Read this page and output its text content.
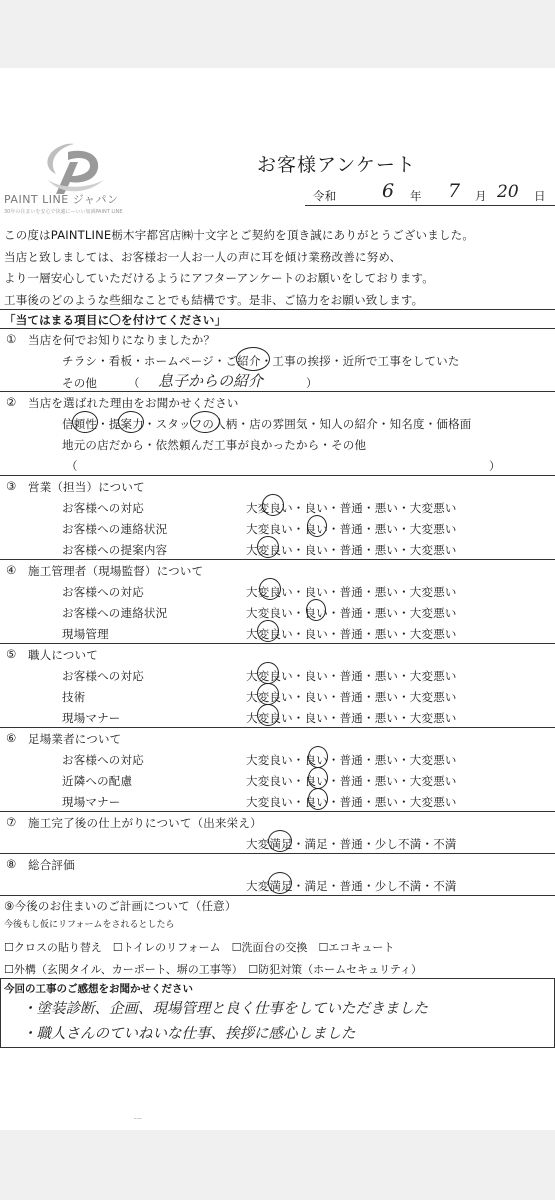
PAINT LINE ジャパン
30年の住まいを安心で快適にーいい加減PAINT LINE
お客様アンケート
令和 6 年 7 月 20 日
この度はPAINTLINE栃木宇都宮店㈱十文字とご契約を頂き誠にありがとうございました。
当店と致しましては、お客様お一人お一人の声に耳を傾け業務改善に努め、
より一層安心していただけるようにアフターアンケートのお願いをしております。
工事後のどのような些細なことでも結構です。是非、ご協力をお願い致します。
「当てはまる項目に〇を付けてください」
① 当店を何でお知りになりましたか？
チラシ・看板・ホームページ・ご紹介・工事の挨拶・近所で工事をしていた
その他	（ 息子からの紹介	）
② 当店を選ばれた理由をお聞かせください
信頼性・提案力・スタッフの人柄・店の雰囲気・知人の紹介・知名度・価格面
地元の店だから・依然頼んだ工事が良かったから・その他
（	）
③ 営業（担当）について
お客様への対応	大変良い・良い・普通・悪い・大変悪い
お客様への連絡状況	大変良い・良い・普通・悪い・大変悪い
お客様への提案内容	大変良い・良い・普通・悪い・大変悪い
④ 施工管理者（現場監督）について
お客様への対応	大変良い・良い・普通・悪い・大変悪い
お客様への連絡状況	大変良い・良い・普通・悪い・大変悪い
現場管理	大変良い・良い・普通・悪い・大変悪い
⑤ 職人について
お客様への対応	大変良い・良い・普通・悪い・大変悪い
技術	大変良い・良い・普通・悪い・大変悪い
現場マナー	大変良い・良い・普通・悪い・大変悪い
⑥ 足場業者について
お客様への対応	大変良い・良い・普通・悪い・大変悪い
近隣への配慮	大変良い・良い・普通・悪い・大変悪い
現場マナー	大変良い・良い・普通・悪い・大変悪い
⑦ 施工完了後の仕上がりについて（出来栄え）
大変満足・満足・普通・少し不満・不満
⑧ 総合評価
大変満足・満足・普通・少し不満・不満
⑨今後のお住まいのご計画について（任意）
今後もし仮にリフォームをされるとしたら
☐クロスの貼り替え　☐トイレのリフォーム　☐洗面台の交換　☐エコキュート
☐外構（玄関タイル、カーポート、塀の工事等）　☐防犯対策（ホームセキュリティ）
今回の工事のご感想をお聞かせください
・塗装診断、企画、現場管理と良く仕事をしていただきました
・職人さんのていねいな仕事、挨拶に感心しました
ㅡ
